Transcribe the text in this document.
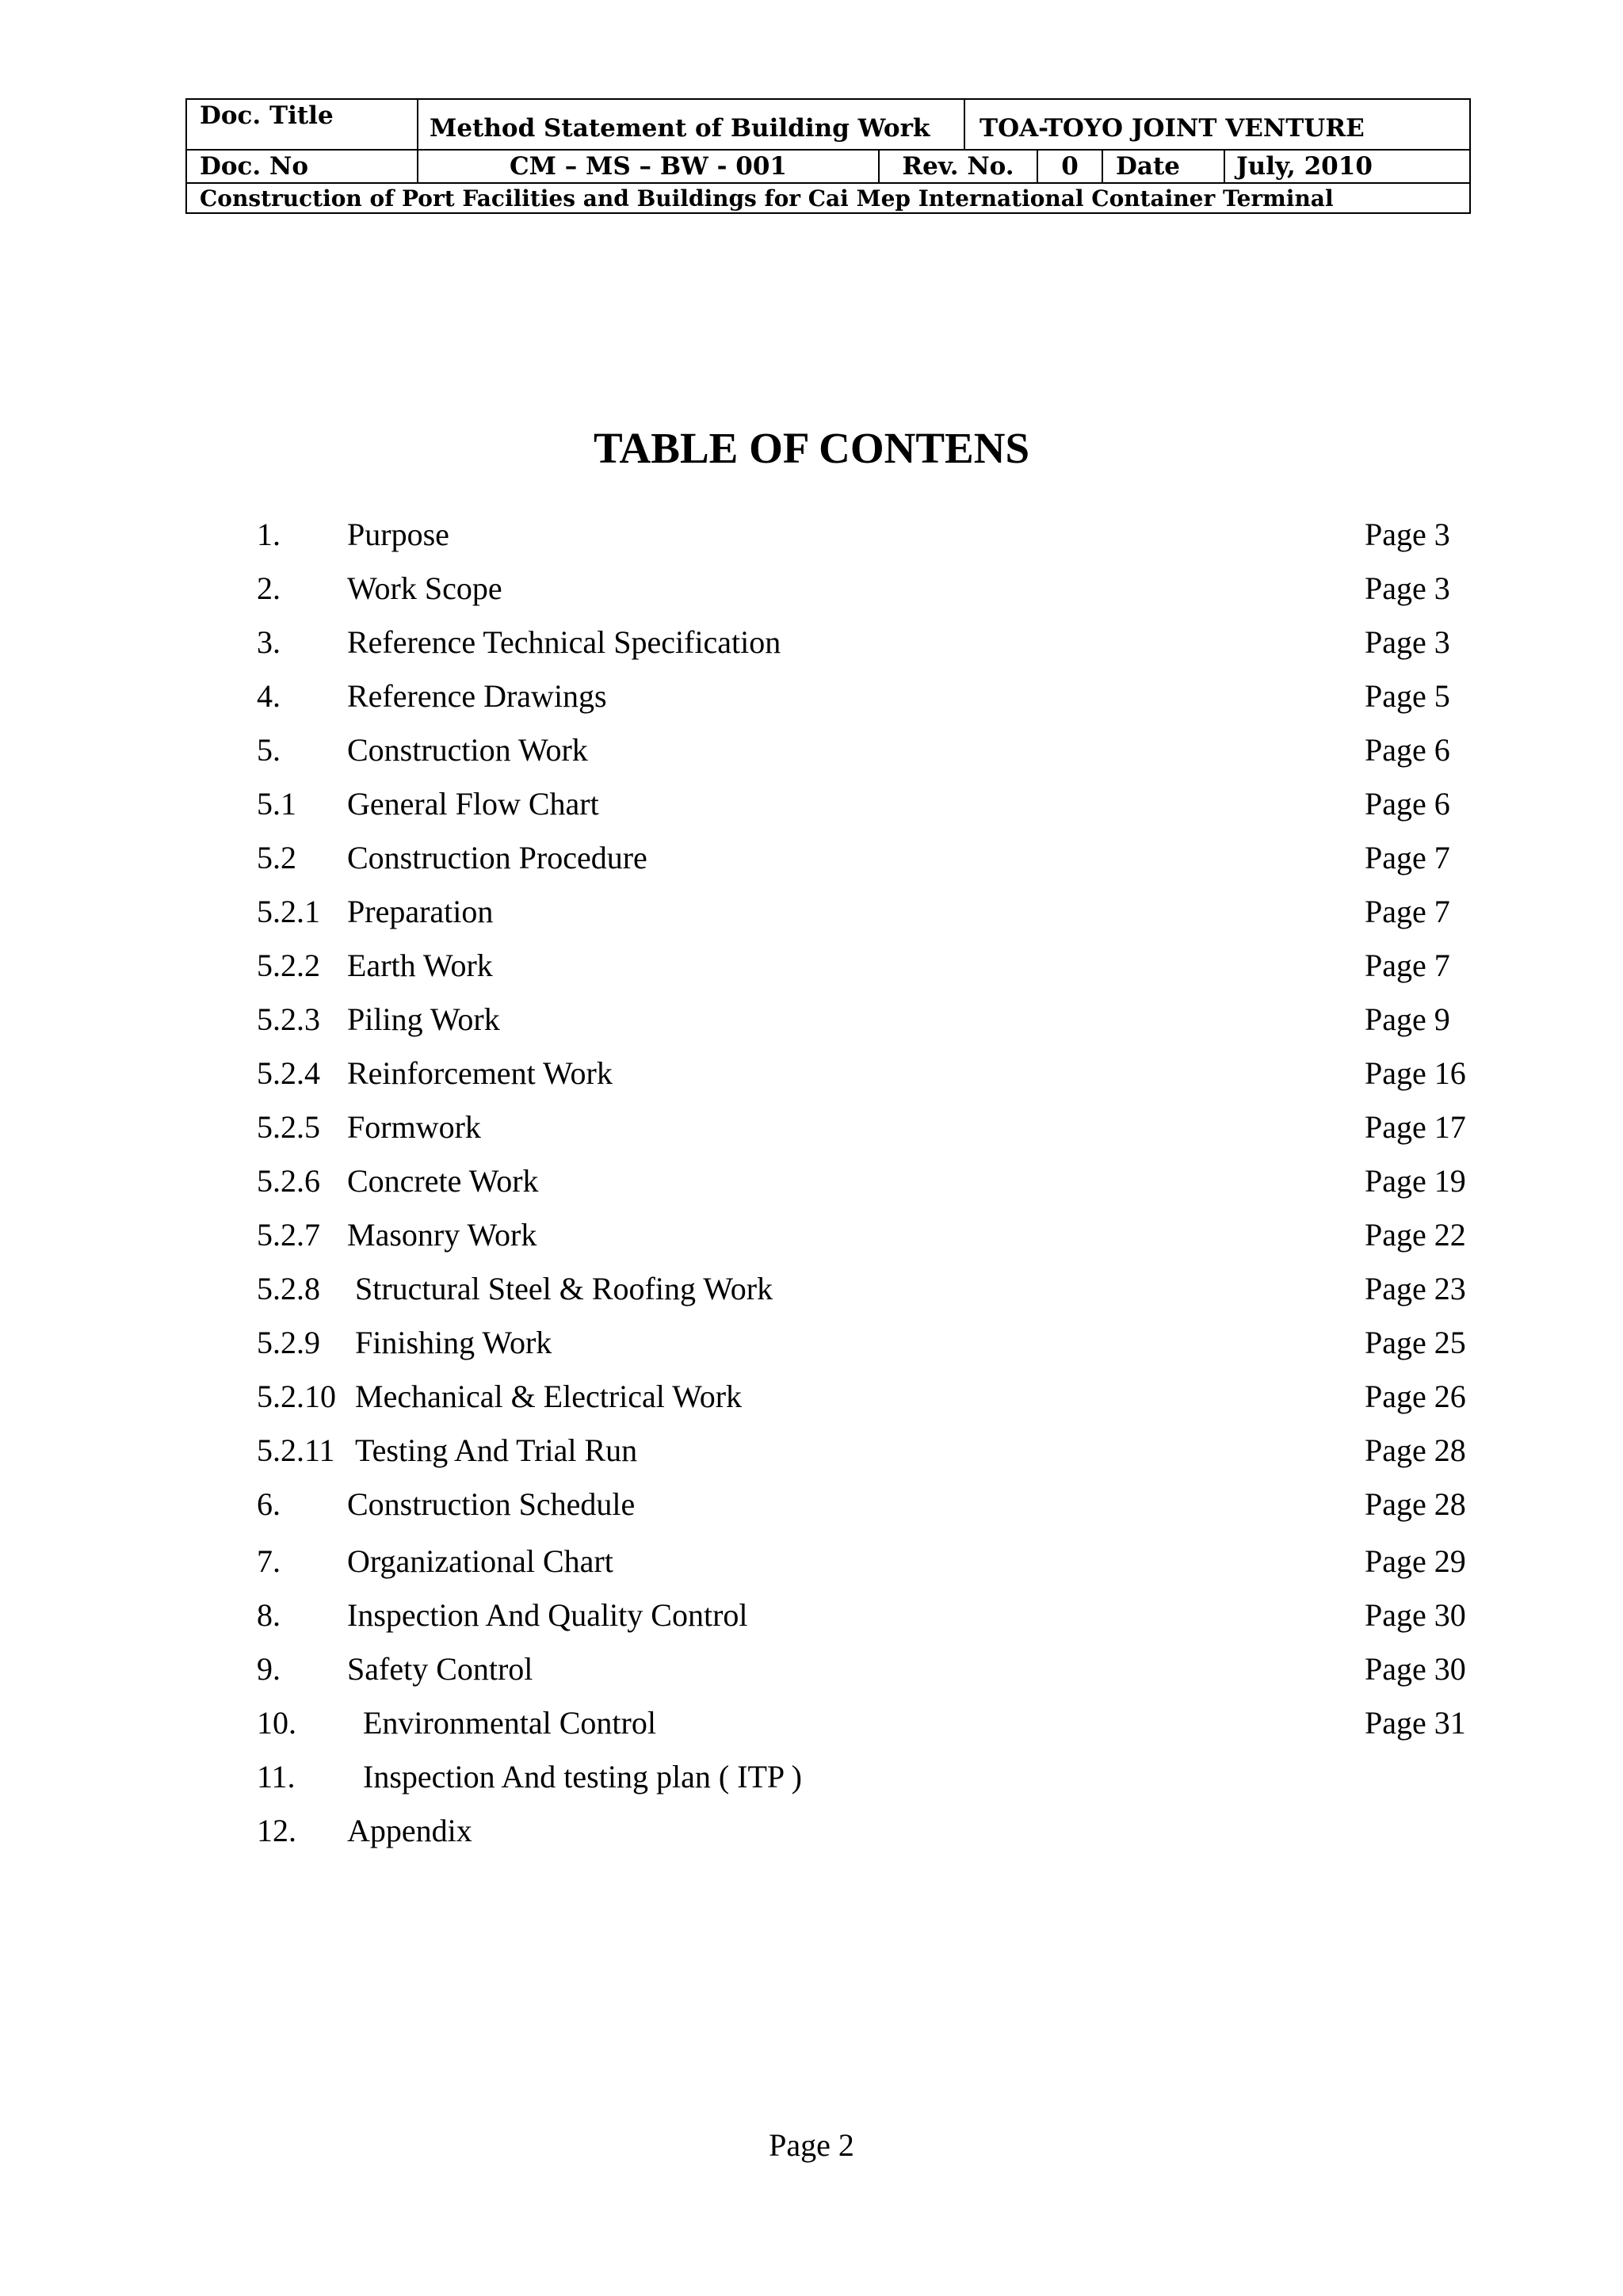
Doc. Title	Method Statement of Building Work	TOA-TOYO JOINT VENTURE
Doc. No	CM – MS – BW - 001	Rev. No.	0	Date	July, 2010
Construction of Port Facilities and Buildings for Cai Mep International Container Terminal
TABLE OF CONTENS
1. Purpose	Page 3
2. Work Scope	Page 3
3. Reference Technical Specification	Page 3
4. Reference Drawings	Page 5
5. Construction Work	Page 6
5.1 General Flow Chart	Page 6
5.2 Construction Procedure	Page 7
5.2.1 Preparation	Page 7
5.2.2 Earth Work	Page 7
5.2.3 Piling Work	Page 9
5.2.4 Reinforcement Work	Page 16
5.2.5 Formwork	Page 17
5.2.6 Concrete Work	Page 19
5.2.7 Masonry Work	Page 22
5.2.8 Structural Steel & Roofing Work	Page 23
5.2.9 Finishing Work	Page 25
5.2.10 Mechanical & Electrical Work	Page 26
5.2.11 Testing And Trial Run	Page 28
6. Construction Schedule	Page 28
7. Organizational Chart	Page 29
8. Inspection And Quality Control	Page 30
9. Safety Control	Page 30
10. Environmental Control	Page 31
11. Inspection And testing plan ( ITP )
12. Appendix
Page 2
